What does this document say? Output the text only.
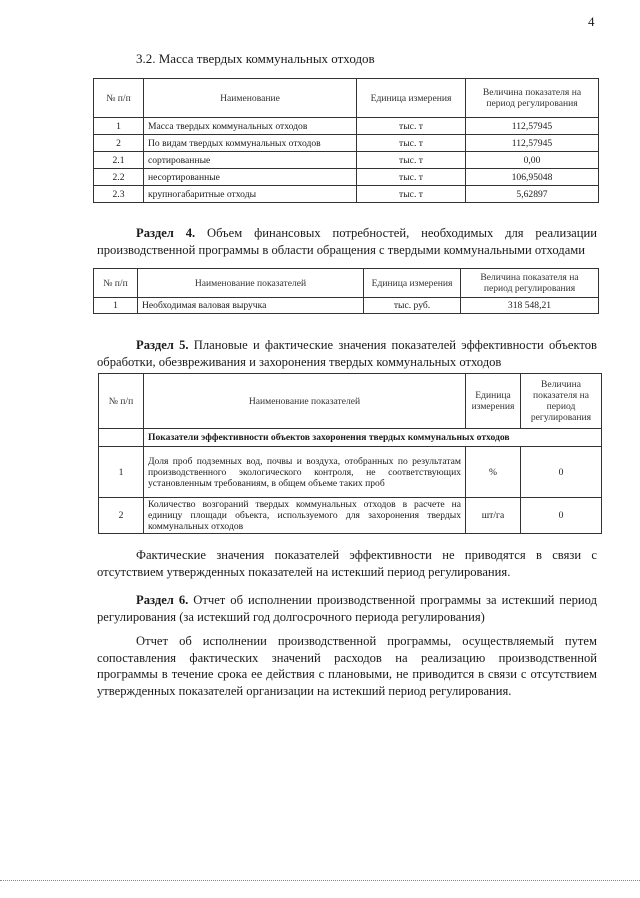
4
3.2. Масса твердых коммунальных отходов
№ п/п	Наименование	Единица измерения	Величина показателя на период регулирования
1	Масса твердых коммунальных отходов	тыс. т	112,57945
2	По видам твердых коммунальных отходов	тыс. т	112,57945
2.1	сортированные	тыс. т	0,00
2.2	несортированные	тыс. т	106,95048
2.3	крупногабаритные отходы	тыс. т	5,62897
Раздел 4. Объем финансовых потребностей, необходимых для реализации производственной программы в области обращения с твердыми коммунальными отходами
№ п/п	Наименование показателей	Единица измерения	Величина показателя на период регулирования
1	Необходимая валовая выручка	тыс. руб.	318 548,21
Раздел 5. Плановые и фактические значения показателей эффективности объектов обработки, обезвреживания и захоронения твердых коммунальных отходов
№ п/п	Наименование показателей	Единица измерения	Величина показателя на период регулирования
	Показатели эффективности объектов захоронения твердых коммунальных отходов		
1	Доля проб подземных вод, почвы и воздуха, отобранных по результатам производственного экологического контроля, не соответствующих установленным требованиям, в общем объеме таких проб	%	0
2	Количество возгораний твердых коммунальных отходов в расчете на единицу площади объекта, используемого для захоронения твердых коммунальных отходов	шт/га	0
Фактические значения показателей эффективности не приводятся в связи с отсутствием утвержденных показателей на истекший период регулирования.
Раздел 6. Отчет об исполнении производственной программы за истекший период регулирования (за истекший год долгосрочного периода регулирования)
Отчет об исполнении производственной программы, осуществляемый путем сопоставления фактических значений расходов на реализацию производственной программы в течение срока ее действия с плановыми, не приводится в связи с отсутствием утвержденных показателей организации на истекший период регулирования.
